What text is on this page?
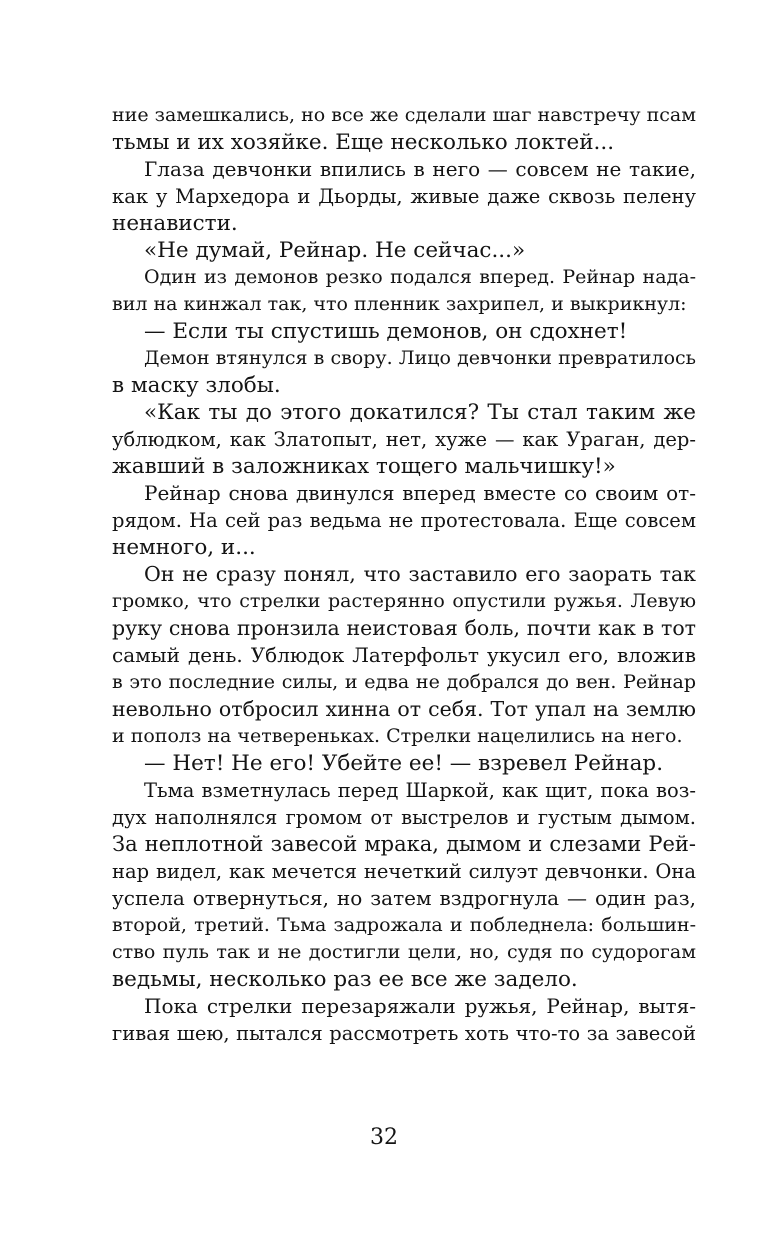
ние замешкались, но все же сделали шаг навстречу псам
тьмы и их хозяйке. Еще несколько локтей...
Глаза девчонки впились в него — совсем не такие,
как у Мархедора и Дьорды, живые даже сквозь пелену
ненависти.
«Не думай, Рейнар. Не сейчас...»
Один из демонов резко подался вперед. Рейнар нада-
вил на кинжал так, что пленник захрипел, и выкрикнул:
— Если ты спустишь демонов, он сдохнет!
Демон втянулся в свору. Лицо девчонки превратилось
в маску злобы.
«Как ты до этого докатился? Ты стал таким же
ублюдком, как Златопыт, нет, хуже — как Ураган, дер-
жавший в заложниках тощего мальчишку!»
Рейнар снова двинулся вперед вместе со своим от-
рядом. На сей раз ведьма не протестовала. Еще совсем
немного, и...
Он не сразу понял, что заставило его заорать так
громко, что стрелки растерянно опустили ружья. Левую
руку снова пронзила неистовая боль, почти как в тот
самый день. Ублюдок Латерфольт укусил его, вложив
в это последние силы, и едва не добрался до вен. Рейнар
невольно отбросил хинна от себя. Тот упал на землю
и пополз на четвереньках. Стрелки нацелились на него.
— Нет! Не его! Убейте ее! — взревел Рейнар.
Тьма взметнулась перед Шаркой, как щит, пока воз-
дух наполнялся громом от выстрелов и густым дымом.
За неплотной завесой мрака, дымом и слезами Рей-
нар видел, как мечется нечеткий силуэт девчонки. Она
успела отвернуться, но затем вздрогнула — один раз,
второй, третий. Тьма задрожала и побледнела: большин-
ство пуль так и не достигли цели, но, судя по судорогам
ведьмы, несколько раз ее все же задело.
Пока стрелки перезаряжали ружья, Рейнар, вытя-
гивая шею, пытался рассмотреть хоть что-то за завесой
32
